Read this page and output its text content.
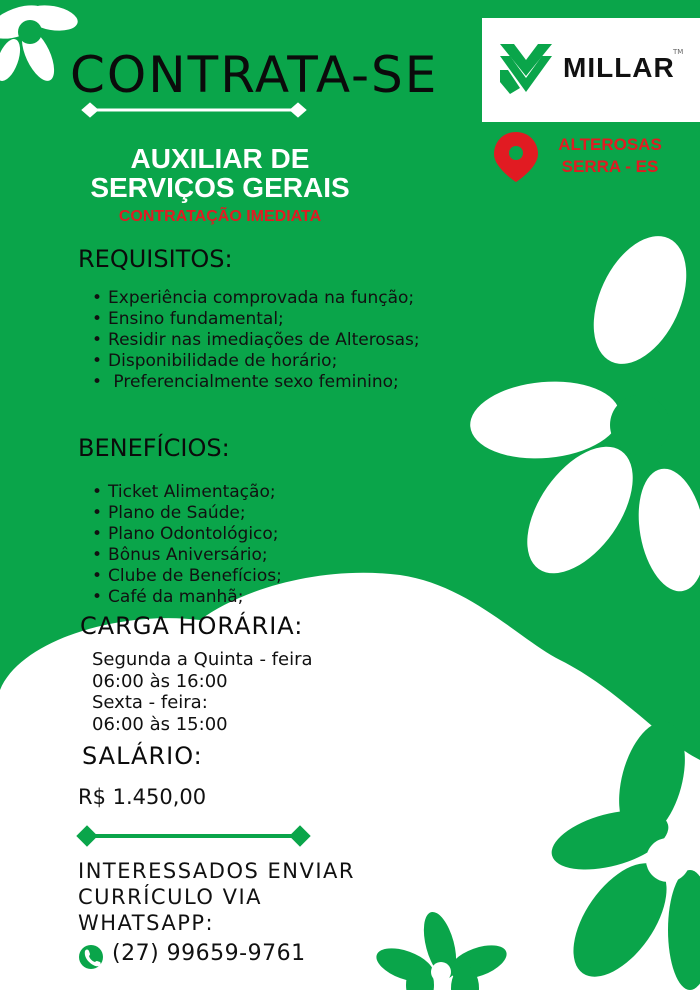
CONTRATA-SE	MILLAR
TM
ALTEROSAS
SERRA - ES
AUXILIAR DE
SERVIÇOS GERAIS
CONTRATAÇÃO IMEDIATA
REQUISITOS:
• Experiência comprovada na função;
• Ensino fundamental;
• Residir nas imediações de Alterosas;
• Disponibilidade de horário;
• Preferencialmente sexo feminino;
BENEFÍCIOS:
• Ticket Alimentação;
• Plano de Saúde;
• Plano Odontológico;
• Bônus Aniversário;
• Clube de Benefícios;
• Café da manhã;
CARGA HORÁRIA:
Segunda a Quinta - feira
06:00 às 16:00
Sexta - feira:
06:00 às 15:00
SALÁRIO:
R$ 1.450,00
INTERESSADOS ENVIAR
CURRÍCULO VIA
WHATSAPP:
(27) 99659-9761
